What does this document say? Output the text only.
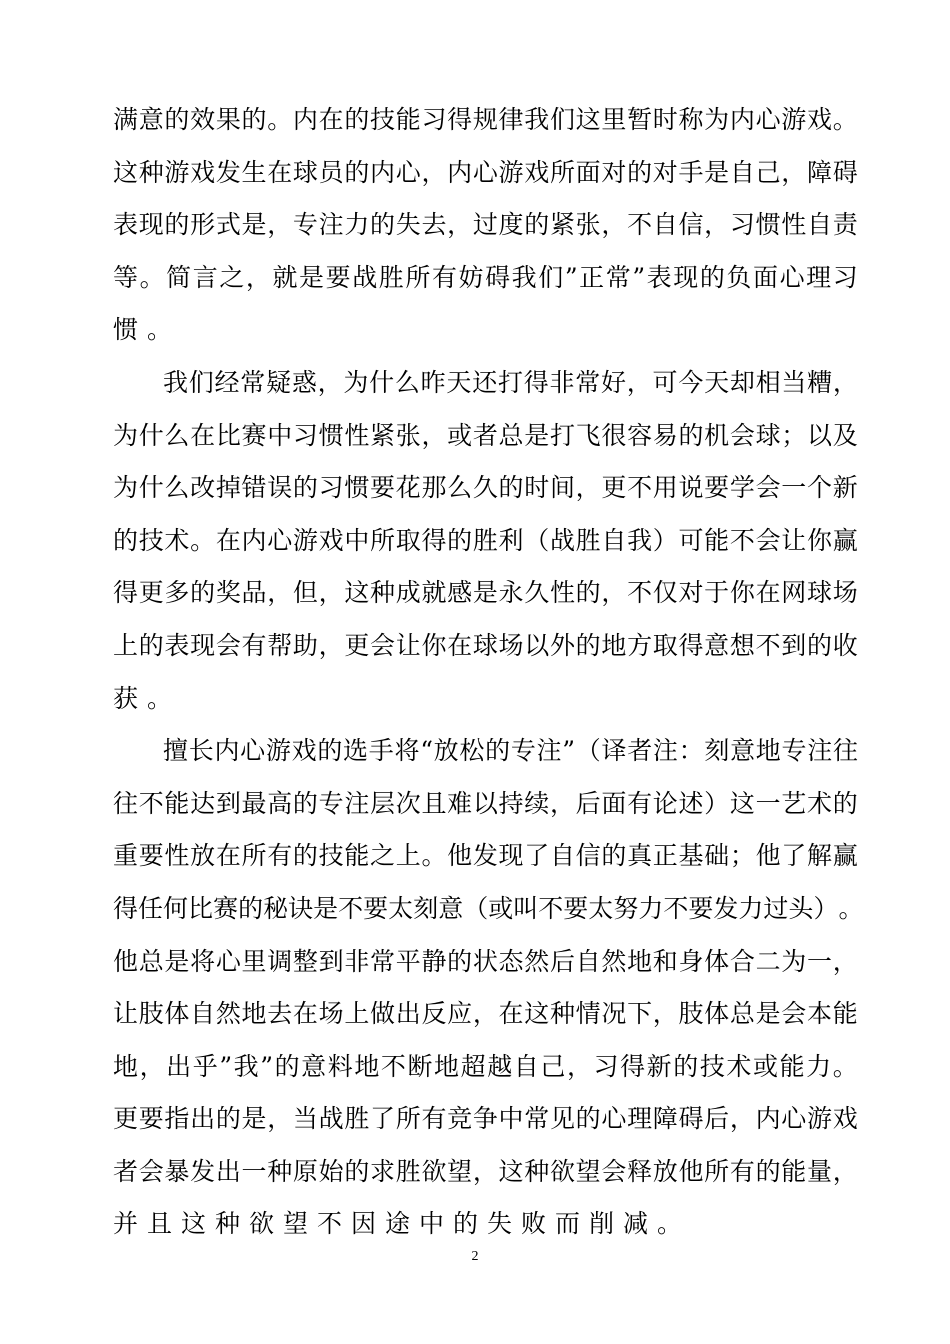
满 意 的 效 果 的 。 内 在 的 技 能 习 得 规 律 我 们 这 里 暂 时 称 为 内 心 游 戏 。
这 种 游 戏 发 生 在 球 员 的 内 心 ， 内 心 游 戏 所 面 对 的 对 手 是 自 己 ， 障 碍
表 现 的 形 式 是 ， 专 注 力 的 失 去 ， 过 度 的 紧 张 ， 不 自 信 ， 习 惯 性 自 责
等 。 简 言 之 ， 就 是 要 战 胜 所 有 妨 碍 我 们 ” 正 常 ” 表 现 的 负 面 心 理 习
惯。
我 们 经 常 疑 惑 ， 为 什 么 昨 天 还 打 得 非 常 好 ， 可 今 天 却 相 当 糟 ，
为 什 么 在 比 赛 中 习 惯 性 紧 张 ， 或 者 总 是 打 飞 很 容 易 的 机 会 球 ； 以 及
为 什 么 改 掉 错 误 的 习 惯 要 花 那 么 久 的 时 间 ， 更 不 用 说 要 学 会 一 个 新
的 技 术 。 在 内 心 游 戏 中 所 取 得 的 胜 利 （ 战 胜 自 我 ） 可 能 不 会 让 你 赢
得 更 多 的 奖 品 ， 但 ， 这 种 成 就 感 是 永 久 性 的 ， 不 仅 对 于 你 在 网 球 场
上 的 表 现 会 有 帮 助 ， 更 会 让 你 在 球 场 以 外 的 地 方 取 得 意 想 不 到 的 收
获。
擅 长 内 心 游 戏 的 选 手 将 “ 放 松 的 专 注 ” （ 译 者 注 ： 刻 意 地 专 注 往
往 不 能 达 到 最 高 的 专 注 层 次 且 难 以 持 续 ， 后 面 有 论 述 ） 这 一 艺 术 的
重 要 性 放 在 所 有 的 技 能 之 上 。 他 发 现 了 自 信 的 真 正 基 础 ； 他 了 解 赢
得 任 何 比 赛 的 秘 诀 是 不 要 太 刻 意 （ 或 叫 不 要 太 努 力 不 要 发 力 过 头 ） 。
他 总 是 将 心 里 调 整 到 非 常 平 静 的 状 态 然 后 自 然 地 和 身 体 合 二 为 一 ，
让 肢 体 自 然 地 去 在 场 上 做 出 反 应 ， 在 这 种 情 况 下 ， 肢 体 总 是 会 本 能
地 ， 出 乎 ” 我 ” 的 意 料 地 不 断 地 超 越 自 己 ， 习 得 新 的 技 术 或 能 力 。
更 要 指 出 的 是 ， 当 战 胜 了 所 有 竞 争 中 常 见 的 心 理 障 碍 后 ， 内 心 游 戏
者 会 暴 发 出 一 种 原 始 的 求 胜 欲 望 ， 这 种 欲 望 会 释 放 他 所 有 的 能 量 ，
并且这种欲望不因途中的失败而削减。
2
